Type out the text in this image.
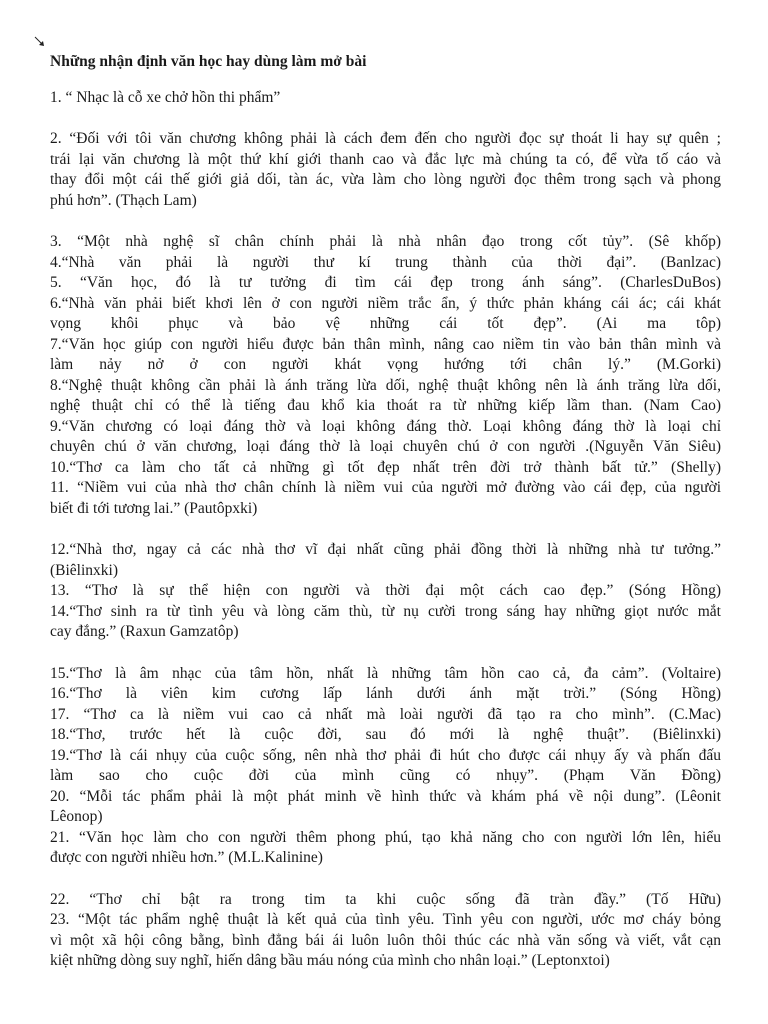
Những nhận định văn học hay dùng làm mở bài
1. “ Nhạc là cỗ xe chở hồn thi phẩm”
2. “Đối với tôi văn chương không phải là cách đem đến cho người đọc sự thoát li hay sự quên ;
trái lại văn chương là một thứ khí giới thanh cao và đắc lực mà chúng ta có, để vừa tố cáo và
thay đổi một cái thế giới giả dối, tàn ác, vừa làm cho lòng người đọc thêm trong sạch và phong
phú hơn”. (Thạch Lam)
3. “Một nhà nghệ sĩ chân chính phải là nhà nhân đạo trong cốt tủy”. (Sê khốp)
4.“Nhà văn phải là người thư kí trung thành của thời đại”. (Banlzac)
5. “Văn học, đó là tư tưởng đi tìm cái đẹp trong ánh sáng”. (CharlesDuBos)
6.“Nhà văn phải biết khơi lên ở con người niềm trắc ẩn, ý thức phản kháng cái ác; cái khát
vọng khôi phục và bảo vệ những cái tốt đẹp”. (Ai ma tôp)
7.“Văn học giúp con người hiểu được bản thân mình, nâng cao niềm tin vào bản thân mình và
làm nảy nở ở con người khát vọng hướng tới chân lý.” (M.Gorki)
8.“Nghệ thuật không cần phải là ánh trăng lừa dối, nghệ thuật không nên là ánh trăng lừa dối,
nghệ thuật chỉ có thể là tiếng đau khổ kia thoát ra từ những kiếp lầm than. (Nam Cao)
9.“Văn chương có loại đáng thờ và loại không đáng thờ. Loại không đáng thờ là loại chỉ
chuyên chú ở văn chương, loại đáng thờ là loại chuyên chú ở con người .(Nguyễn Văn Siêu)
10.“Thơ ca làm cho tất cả những gì tốt đẹp nhất trên đời trở thành bất tử.” (Shelly)
11. “Niềm vui của nhà thơ chân chính là niềm vui của người mở đường vào cái đẹp, của người
biết đi tới tương lai.” (Pautôpxki)
12.“Nhà thơ, ngay cả các nhà thơ vĩ đại nhất cũng phải đồng thời là những nhà tư tưởng.”
(Biêlinxki)
13. “Thơ là sự thể hiện con người và thời đại một cách cao đẹp.” (Sóng Hồng)
14.“Thơ sinh ra từ tình yêu và lòng căm thù, từ nụ cười trong sáng hay những giọt nước mắt
cay đắng.” (Raxun Gamzatôp)
15.“Thơ là âm nhạc của tâm hồn, nhất là những tâm hồn cao cả, đa cảm”. (Voltaire)
16.“Thơ là viên kim cương lấp lánh dưới ánh mặt trời.” (Sóng Hồng)
17. “Thơ ca là niềm vui cao cả nhất mà loài người đã tạo ra cho mình”. (C.Mac)
18.“Thơ, trước hết là cuộc đời, sau đó mới là nghệ thuật”. (Biêlinxki)
19.“Thơ là cái nhụy của cuộc sống, nên nhà thơ phải đi hút cho được cái nhụy ấy và phấn đấu
làm sao cho cuộc đời của mình cũng có nhụy”. (Phạm Văn Đồng)
20. “Mỗi tác phẩm phải là một phát minh về hình thức và khám phá về nội dung”. (Lêonit
Lêonop)
21. “Văn học làm cho con người thêm phong phú, tạo khả năng cho con người lớn lên, hiểu
được con người nhiều hơn.” (M.L.Kalinine)
22. “Thơ chỉ bật ra trong tim ta khi cuộc sống đã tràn đầy.” (Tố Hữu)
23. “Một tác phẩm nghệ thuật là kết quả của tình yêu. Tình yêu con người, ước mơ cháy bỏng
vì một xã hội công bằng, bình đẳng bái ái luôn luôn thôi thúc các nhà văn sống và viết, vắt cạn
kiệt những dòng suy nghĩ, hiến dâng bầu máu nóng của mình cho nhân loại.” (Leptonxtoi)
